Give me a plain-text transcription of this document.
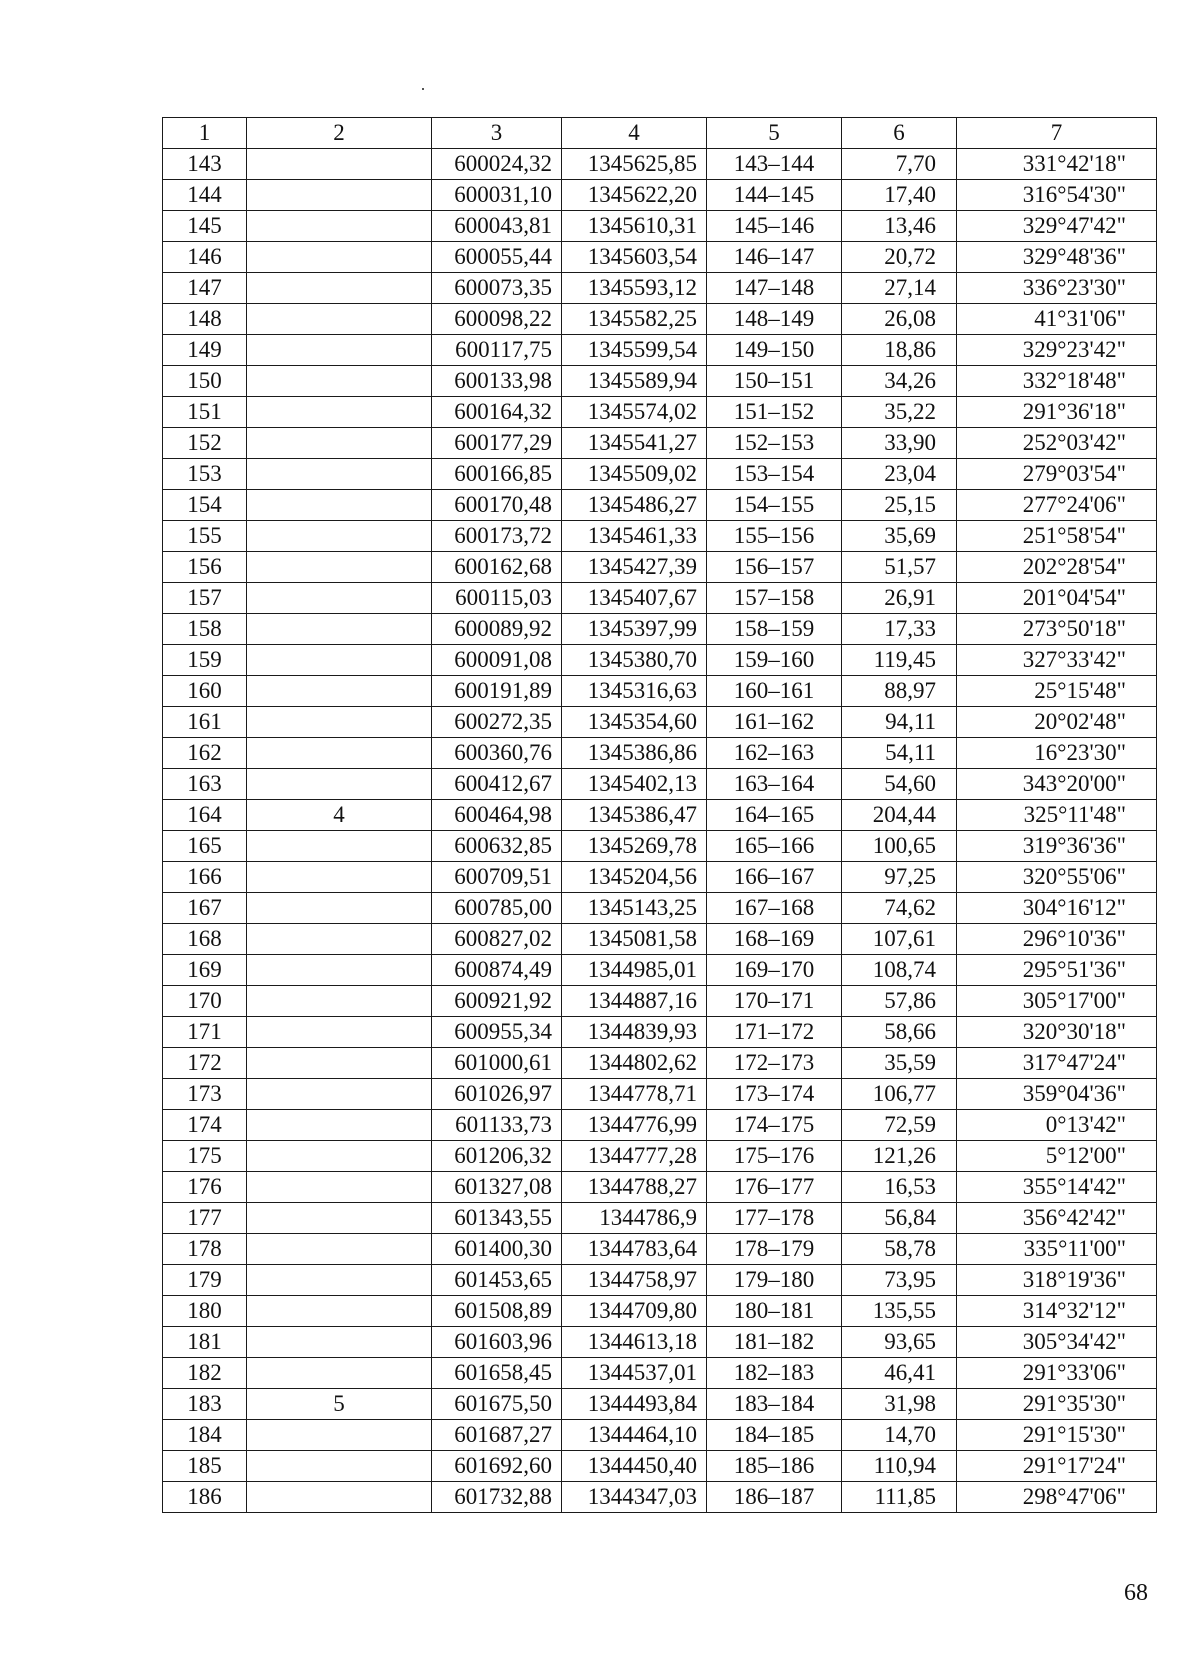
1	2	3	4	5	6	7
143		600024,32	1345625,85	143–144	7,70	331°42'18"
144		600031,10	1345622,20	144–145	17,40	316°54'30"
145		600043,81	1345610,31	145–146	13,46	329°47'42"
146		600055,44	1345603,54	146–147	20,72	329°48'36"
147		600073,35	1345593,12	147–148	27,14	336°23'30"
148		600098,22	1345582,25	148–149	26,08	41°31'06"
149		600117,75	1345599,54	149–150	18,86	329°23'42"
150		600133,98	1345589,94	150–151	34,26	332°18'48"
151		600164,32	1345574,02	151–152	35,22	291°36'18"
152		600177,29	1345541,27	152–153	33,90	252°03'42"
153		600166,85	1345509,02	153–154	23,04	279°03'54"
154		600170,48	1345486,27	154–155	25,15	277°24'06"
155		600173,72	1345461,33	155–156	35,69	251°58'54"
156		600162,68	1345427,39	156–157	51,57	202°28'54"
157		600115,03	1345407,67	157–158	26,91	201°04'54"
158		600089,92	1345397,99	158–159	17,33	273°50'18"
159		600091,08	1345380,70	159–160	119,45	327°33'42"
160		600191,89	1345316,63	160–161	88,97	25°15'48"
161		600272,35	1345354,60	161–162	94,11	20°02'48"
162		600360,76	1345386,86	162–163	54,11	16°23'30"
163		600412,67	1345402,13	163–164	54,60	343°20'00"
164	4	600464,98	1345386,47	164–165	204,44	325°11'48"
165		600632,85	1345269,78	165–166	100,65	319°36'36"
166		600709,51	1345204,56	166–167	97,25	320°55'06"
167		600785,00	1345143,25	167–168	74,62	304°16'12"
168		600827,02	1345081,58	168–169	107,61	296°10'36"
169		600874,49	1344985,01	169–170	108,74	295°51'36"
170		600921,92	1344887,16	170–171	57,86	305°17'00"
171		600955,34	1344839,93	171–172	58,66	320°30'18"
172		601000,61	1344802,62	172–173	35,59	317°47'24"
173		601026,97	1344778,71	173–174	106,77	359°04'36"
174		601133,73	1344776,99	174–175	72,59	0°13'42"
175		601206,32	1344777,28	175–176	121,26	5°12'00"
176		601327,08	1344788,27	176–177	16,53	355°14'42"
177		601343,55	1344786,9	177–178	56,84	356°42'42"
178		601400,30	1344783,64	178–179	58,78	335°11'00"
179		601453,65	1344758,97	179–180	73,95	318°19'36"
180		601508,89	1344709,80	180–181	135,55	314°32'12"
181		601603,96	1344613,18	181–182	93,65	305°34'42"
182		601658,45	1344537,01	182–183	46,41	291°33'06"
183	5	601675,50	1344493,84	183–184	31,98	291°35'30"
184		601687,27	1344464,10	184–185	14,70	291°15'30"
185		601692,60	1344450,40	185–186	110,94	291°17'24"
186		601732,88	1344347,03	186–187	111,85	298°47'06"
68
